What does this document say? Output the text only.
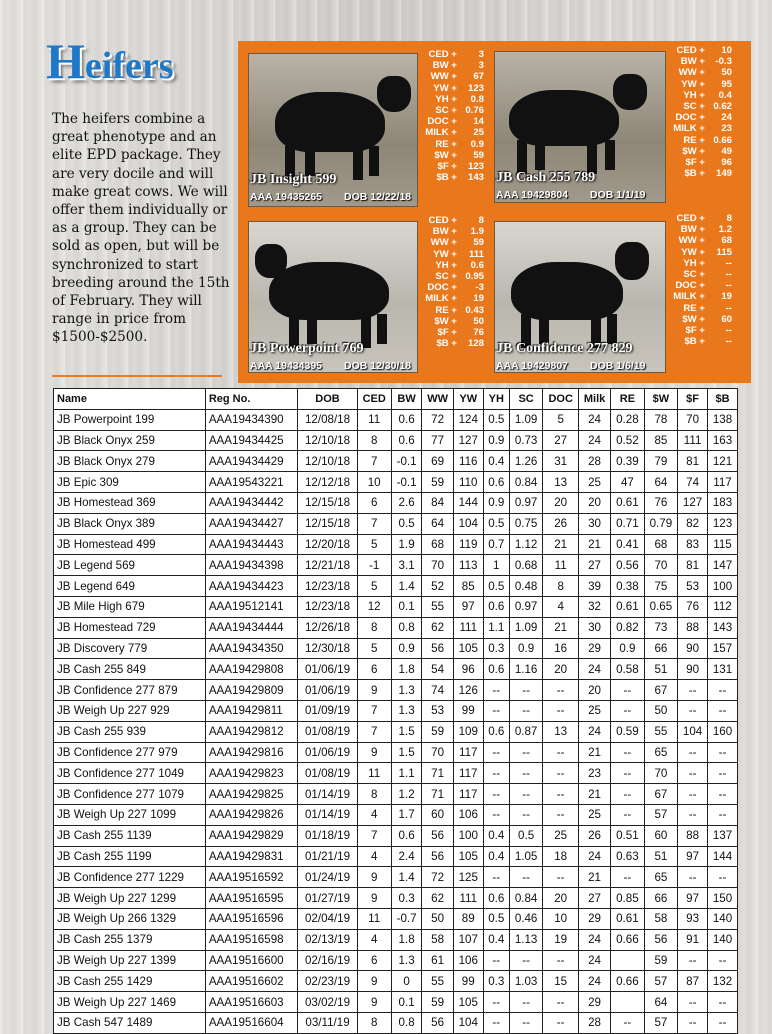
Heifers
The heifers combine a great phenotype and an elite EPD package. They are very docile and will make great cows. We will offer them individually or as a group. They can be sold as open, but will be synchronized to start breeding around the 15th of February. They will range in price from $1500-$2500.
JB Insight 599
AAA 19435265 DOB 12/22/18
CED +	3
BW +	3
WW +	67
YW +	123
YH +	0.8
SC + 0.76
DOC +	14
MILK +	25
RE +	0.9
$W +	59
$F +	123
$B +	143 JB Cash 255 789
AAA 19429804 DOB 1/1/19
CED +	10
BW +	-0.3
WW +	50
YW +	95
YH +	0.4
SC + 0.62
DOC +	24
MILK +	23
RE + 0.66
$W +	49
$F +	96
$B +	149
JB Powerpoint 769
AAA 19434395 DOB 12/30/18
CED +	8
BW +	1.9
WW +	59
YW +	111
YH +	0.6
SC + 0.95
DOC +	-3
MILK +	19
RE + 0.43
$W +	50
$F +	76
$B +	128 JB Confidence 277 829
AAA 19429807 DOB 1/6/19
CED +	8
BW +	1.2
WW +	68
YW +	115
YH +	--
SC +	--
DOC +	--
MILK +	19
RE +	--
$W +	60
$F +	--
$B +	--
Name	Reg No.	DOB	CED	BW	WW	YW	YH	SC	DOC	Milk	RE	$W	$F	$B
JB Powerpoint 199	AAA19434390	12/08/18	11	0.6	72	124	0.5	1.09	5	24	0.28	78	70	138
JB Black Onyx 259	AAA19434425	12/10/18	8	0.6	77	127	0.9	0.73	27	24	0.52	85	111	163
JB Black Onyx 279	AAA19434429	12/10/18	7	-0.1	69	116	0.4	1.26	31	28	0.39	79	81	121
JB Epic 309	AAA19543221	12/12/18	10	-0.1	59	110	0.6	0.84	13	25	47	64	74	117
JB Homestead 369	AAA19434442	12/15/18	6	2.6	84	144	0.9	0.97	20	20	0.61	76	127	183
JB Black Onyx 389	AAA19434427	12/15/18	7	0.5	64	104	0.5	0.75	26	30	0.71	0.79	82	123
JB Homestead 499	AAA19434443	12/20/18	5	1.9	68	119	0.7	1.12	21	21	0.41	68	83	115
JB Legend 569	AAA19434398	12/21/18	-1	3.1	70	113	1	0.68	11	27	0.56	70	81	147
JB Legend 649	AAA19434423	12/23/18	5	1.4	52	85	0.5	0.48	8	39	0.38	75	53	100
JB Mile High 679	AAA19512141	12/23/18	12	0.1	55	97	0.6	0.97	4	32	0.61	0.65	76	112
JB Homestead 729	AAA19434444	12/26/18	8	0.8	62	111	1.1	1.09	21	30	0.82	73	88	143
JB Discovery 779	AAA19434350	12/30/18	5	0.9	56	105	0.3	0.9	16	29	0.9	66	90	157
JB Cash 255 849	AAA19429808	01/06/19	6	1.8	54	96	0.6	1.16	20	24	0.58	51	90	131
JB Confidence 277 879	AAA19429809	01/06/19	9	1.3	74	126	--	--	--	20	--	67	--	--
JB Weigh Up 227 929	AAA19429811	01/09/19	7	1.3	53	99	--	--	--	25	--	50	--	--
JB Cash 255 939	AAA19429812	01/08/19	7	1.5	59	109	0.6	0.87	13	24	0.59	55	104	160
JB Confidence 277 979	AAA19429816	01/06/19	9	1.5	70	117	--	--	--	21	--	65	--	--
JB Confidence 277 1049	AAA19429823	01/08/19	11	1.1	71	117	--	--	--	23	--	70	--	--
JB Confidence 277 1079	AAA19429825	01/14/19	8	1.2	71	117	--	--	--	21	--	67	--	--
JB Weigh Up 227 1099	AAA19429826	01/14/19	4	1.7	60	106	--	--	--	25	--	57	--	--
JB Cash 255 1139	AAA19429829	01/18/19	7	0.6	56	100	0.4	0.5	25	26	0.51	60	88	137
JB Cash 255 1199	AAA19429831	01/21/19	4	2.4	56	105	0.4	1.05	18	24	0.63	51	97	144
JB Confidence 277 1229	AAA19516592	01/24/19	9	1.4	72	125	--	--	--	21	--	65	--	--
JB Weigh Up 227 1299	AAA19516595	01/27/19	9	0.3	62	111	0.6	0.84	20	27	0.85	66	97	150
JB Weigh Up 266 1329	AAA19516596	02/04/19	11	-0.7	50	89	0.5	0.46	10	29	0.61	58	93	140
JB Cash 255 1379	AAA19516598	02/13/19	4	1.8	58	107	0.4	1.13	19	24	0.66	56	91	140
JB Weigh Up 227 1399	AAA19516600	02/16/19	6	1.3	61	106	--	--	--	24		59	--	--
JB Cash 255 1429	AAA19516602	02/23/19	9	0	55	99	0.3	1.03	15	24	0.66	57	87	132
JB Weigh Up 227 1469	AAA19516603	03/02/19	9	0.1	59	105	--	--	--	29		64	--	--
JB Cash 547 1489	AAA19516604	03/11/19	8	0.8	56	104	--	--	--	28	--	57	--	--
